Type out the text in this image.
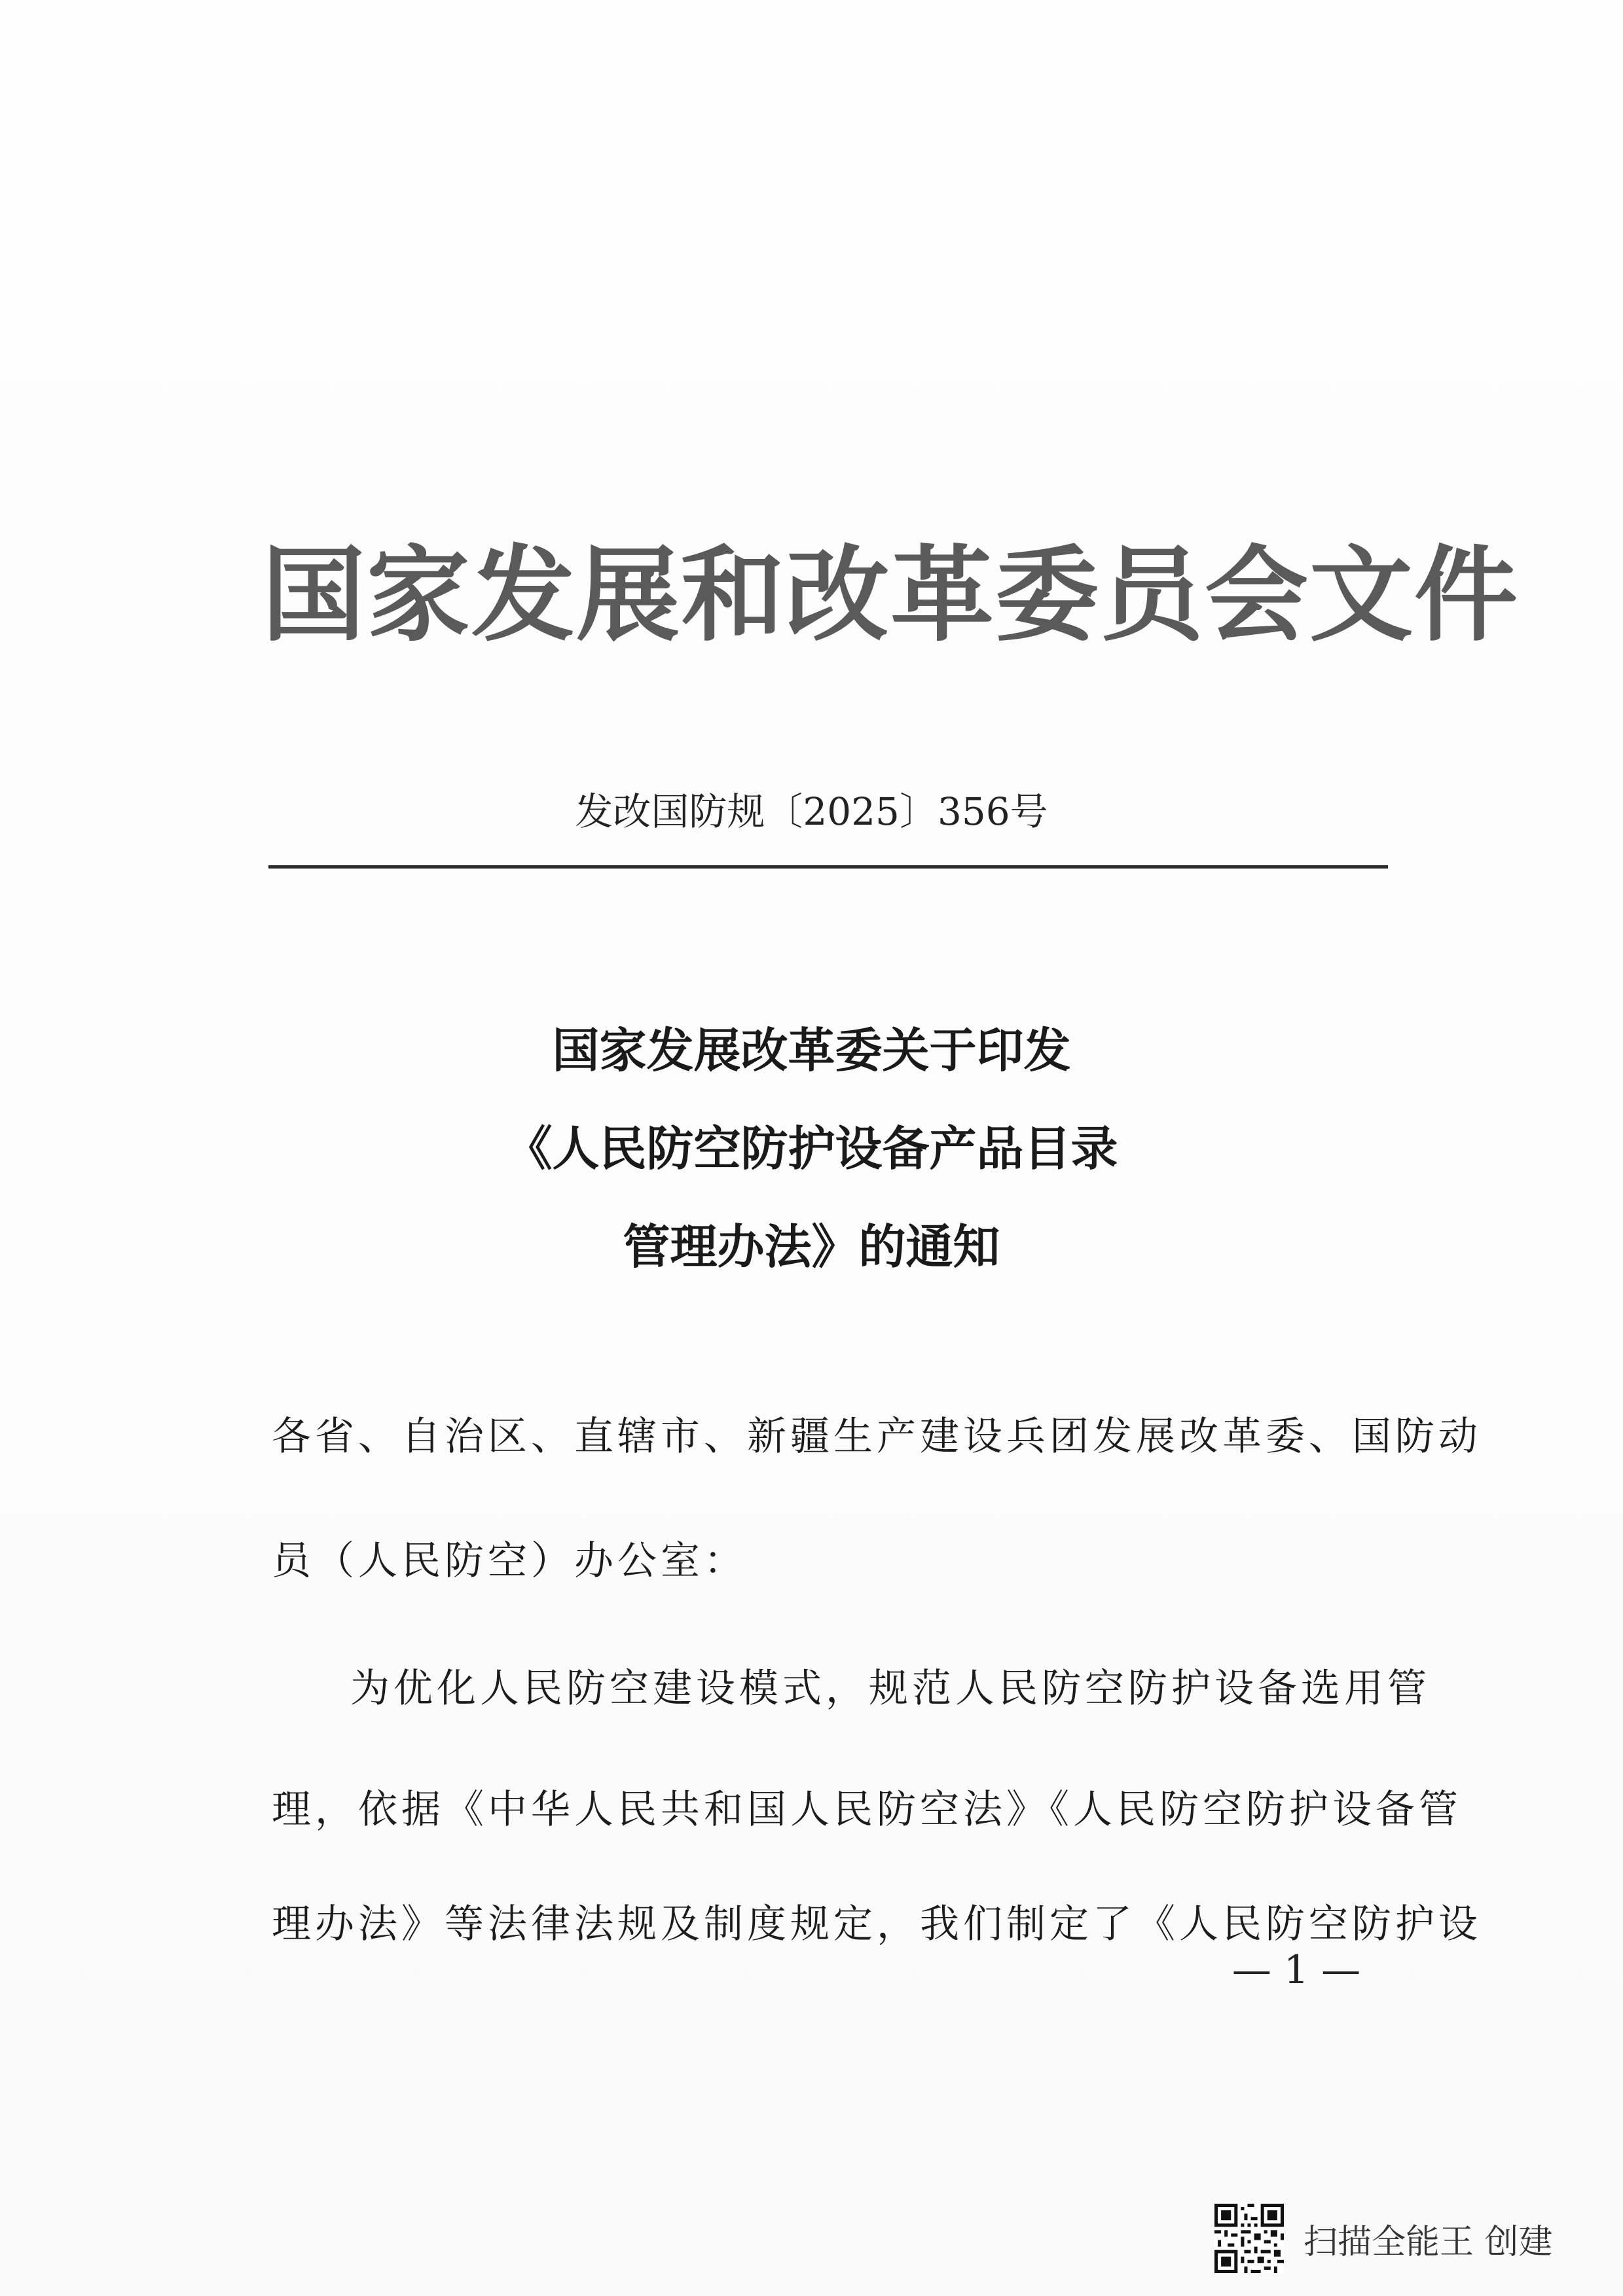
国家发展和改革委员会文件
发改国防规〔2025〕356号
国家发展改革委关于印发
《人民防空防护设备产品目录
管理办法》的通知
各省、自治区、直辖市、新疆生产建设兵团发展改革委、国防动
员（人民防空）办公室：
为优化人民防空建设模式，规范人民防空防护设备选用管
理，依据《中华人民共和国人民防空法》《人民防空防护设备管
理办法》等法律法规及制度规定，我们制定了《人民防空防护设
— 1 —
扫描全能王 创建
